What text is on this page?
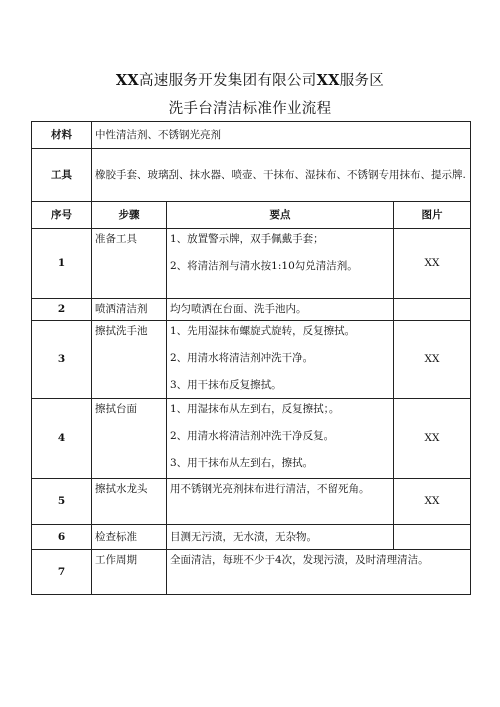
XX高速服务开发集团有限公司XX服务区
洗手台清洁标准作业流程
材料	中性清洁剂、不锈钢光亮剂		
工具	橡胶手套、玻璃刮、抹水器、喷壶、干抹布、湿抹布、不锈钢专用抹布、提示牌.		
序号	步骤	要点	图片
1	准备工具	1、放置警示牌，双手佩戴手套；
2、将清洁剂与清水按1:10勾兑清洁剂。	XX
2	喷洒清洁剂	均匀喷洒在台面、洗手池内。	
3	擦拭洗手池	1、先用湿抹布螺旋式旋转，反复擦拭。
2、用清水将清洁剂冲洗干净。
3、用干抹布反复擦拭。	XX
4	擦拭台面	1、用湿抹布从左到右，反复擦拭；。
2、用清水将清洁剂冲洗干净反复。
3、用干抹布从左到右，擦拭。	XX
5	擦拭水龙头	用不锈钢光亮剂抹布进行清洁，不留死角。	XX
6	检查标准	目测无污渍，无水渍，无杂物。	
7	工作周期	全面清洁，每班不少于4次，发现污渍，及时清理清洁。	
